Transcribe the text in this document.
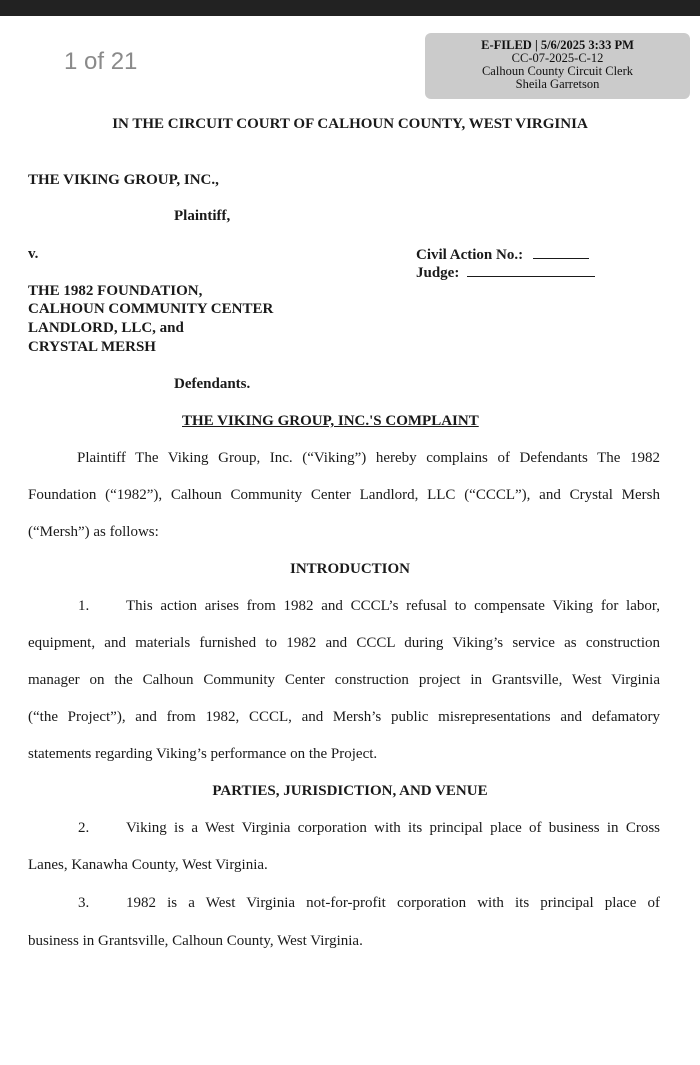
1 of 21
E-FILED | 5/6/2025 3:33 PM
CC-07-2025-C-12
Calhoun County Circuit Clerk
Sheila Garretson
IN THE CIRCUIT COURT OF CALHOUN COUNTY, WEST VIRGINIA
THE VIKING GROUP, INC.,
Plaintiff,
v.	Civil Action No.:
Judge:
THE 1982 FOUNDATION,
CALHOUN COMMUNITY CENTER
LANDLORD, LLC, and
CRYSTAL MERSH
Defendants.
THE VIKING GROUP, INC.'S COMPLAINT
Plaintiff The Viking Group, Inc. (“Viking”) hereby complains of Defendants The 1982
Foundation (“1982”), Calhoun Community Center Landlord, LLC (“CCCL”), and Crystal Mersh
(“Mersh”) as follows:
INTRODUCTION
1. This action arises from 1982 and CCCL’s refusal to compensate Viking for labor,
equipment, and materials furnished to 1982 and CCCL during Viking’s service as construction
manager on the Calhoun Community Center construction project in Grantsville, West Virginia
(“the Project”), and from 1982, CCCL, and Mersh’s public misrepresentations and defamatory
statements regarding Viking’s performance on the Project.
PARTIES, JURISDICTION, AND VENUE
2. Viking is a West Virginia corporation with its principal place of business in Cross
Lanes, Kanawha County, West Virginia.
3. 1982 is a West Virginia not-for-profit corporation with its principal place of
business in Grantsville, Calhoun County, West Virginia.
